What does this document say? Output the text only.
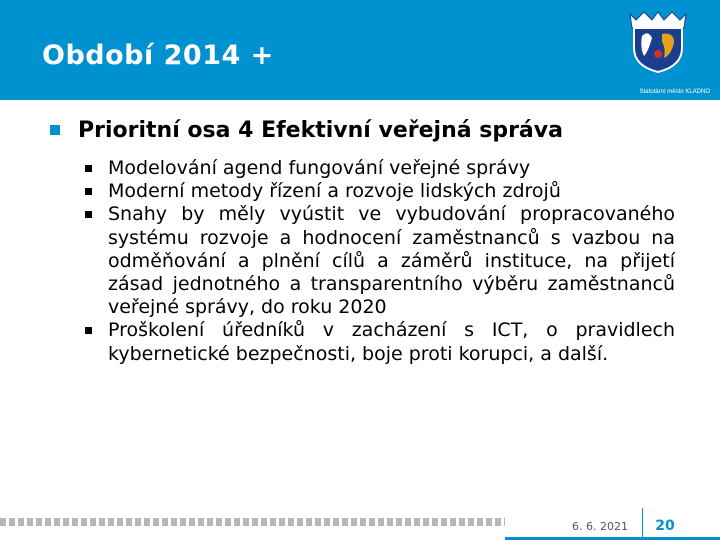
Období 2014 +
Statutární město KLADNO
Prioritní osa 4 Efektivní veřejná správa
Modelování agend fungování veřejné správy
Moderní metody řízení a rozvoje lidských zdrojů
Snahy by měly vyústit ve vybudování propracovaného systému rozvoje a hodnocení zaměstnanců s vazbou na odměňování a plnění cílů a záměrů instituce, na přijetí zásad jednotného a transparentního výběru zaměstnanců veřejné správy, do roku 2020
Proškolení úředníků v zacházení s ICT, o pravidlech kybernetické bezpečnosti, boje proti korupci, a další.
6. 6. 2021	20
